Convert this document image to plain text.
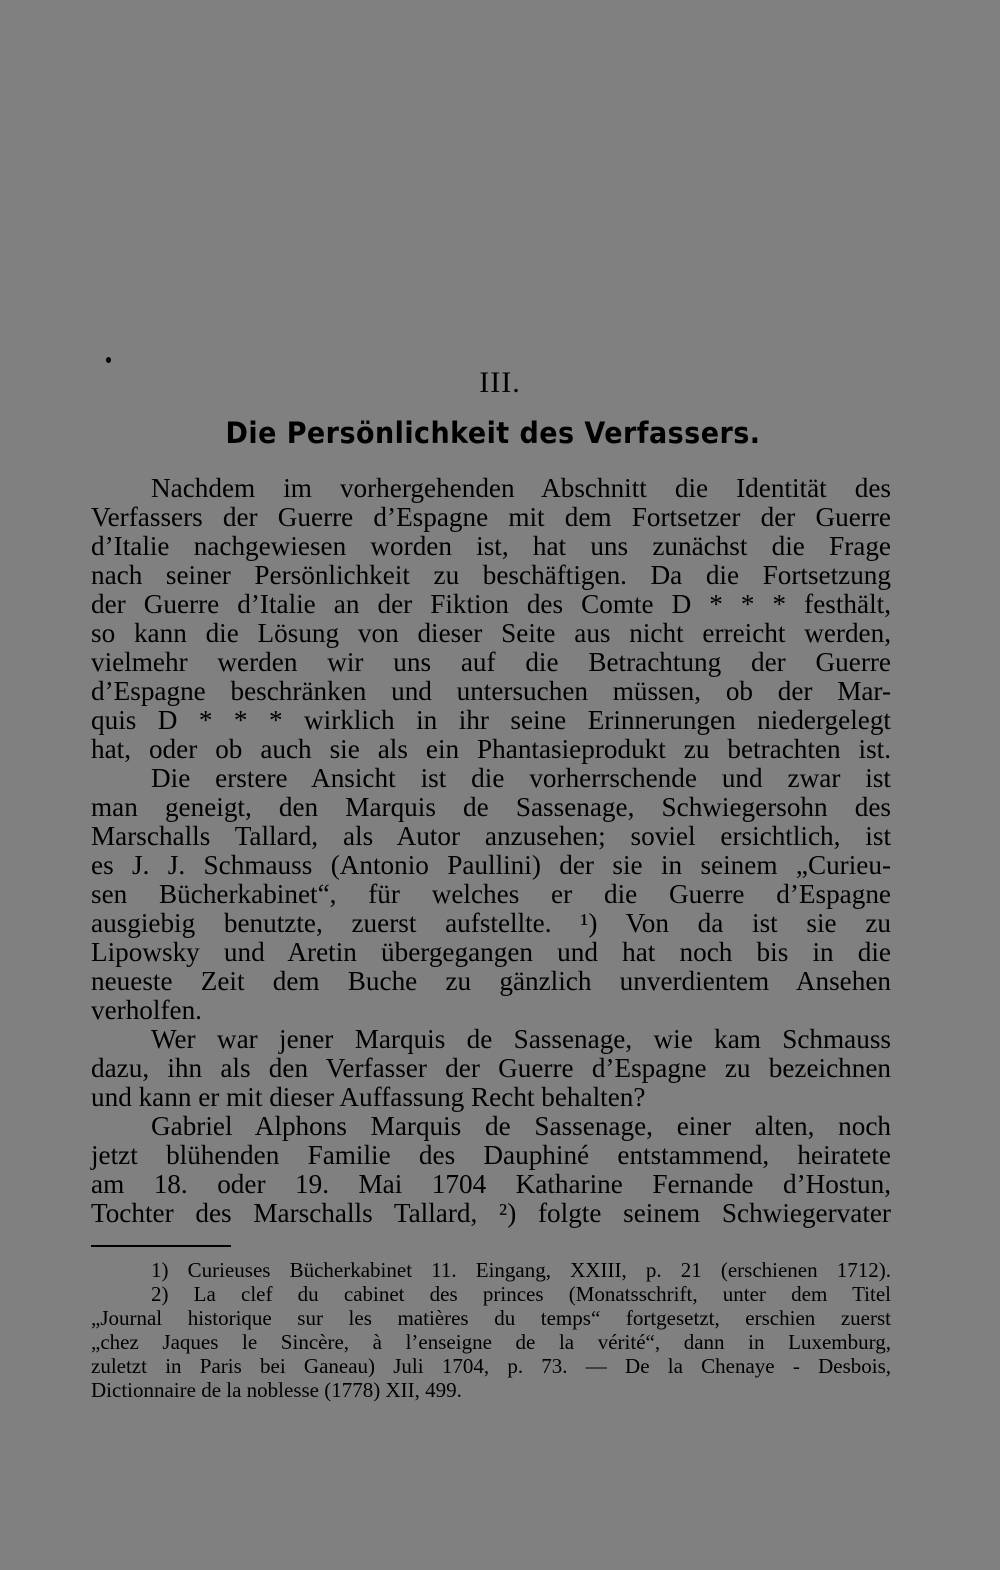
III.
Die Persönlichkeit des Verfassers.

Nachdem im vorhergehenden Abschnitt die Identität des
Verfassers der Guerre d’Espagne mit dem Fortsetzer der Guerre
d’Italie nachgewiesen worden ist, hat uns zunächst die Frage
nach seiner Persönlichkeit zu beschäftigen. Da die Fortsetzung
der Guerre d’Italie an der Fiktion des Comte D * * * festhält,
so kann die Lösung von dieser Seite aus nicht erreicht werden,
vielmehr werden wir uns auf die Betrachtung der Guerre
d’Espagne beschränken und untersuchen müssen, ob der Mar-
quis D * * * wirklich in ihr seine Erinnerungen niedergelegt
hat, oder ob auch sie als ein Phantasieprodukt zu betrachten ist.

Die erstere Ansicht ist die vorherrschende und zwar ist
man geneigt, den Marquis de Sassenage, Schwiegersohn des
Marschalls Tallard, als Autor anzusehen; soviel ersichtlich, ist
es J. J. Schmauss (Antonio Paullini) der sie in seinem „Curieu-
sen Bücherkabinet“, für welches er die Guerre d’Espagne
ausgiebig benutzte, zuerst aufstellte. ¹) Von da ist sie zu
Lipowsky und Aretin übergegangen und hat noch bis in die
neueste Zeit dem Buche zu gänzlich unverdientem Ansehen
verholfen.

Wer war jener Marquis de Sassenage, wie kam Schmauss
dazu, ihn als den Verfasser der Guerre d’Espagne zu bezeichnen
und kann er mit dieser Auffassung Recht behalten?

Gabriel Alphons Marquis de Sassenage, einer alten, noch
jetzt blühenden Familie des Dauphiné entstammend, heiratete
am 18. oder 19. Mai 1704 Katharine Fernande d’Hostun,
Tochter des Marschalls Tallard, ²) folgte seinem Schwiegervater

1) Curieuses Bücherkabinet 11. Eingang, XXIII, p. 21 (erschienen 1712).
2) La clef du cabinet des princes (Monatsschrift, unter dem Titel
„Journal historique sur les matières du temps“ fortgesetzt, erschien zuerst
„chez Jaques le Sincère, à l’enseigne de la vérité“, dann in Luxemburg,
zuletzt in Paris bei Ganeau) Juli 1704, p. 73. — De la Chenaye - Desbois,
Dictionnaire de la noblesse (1778) XII, 499.
